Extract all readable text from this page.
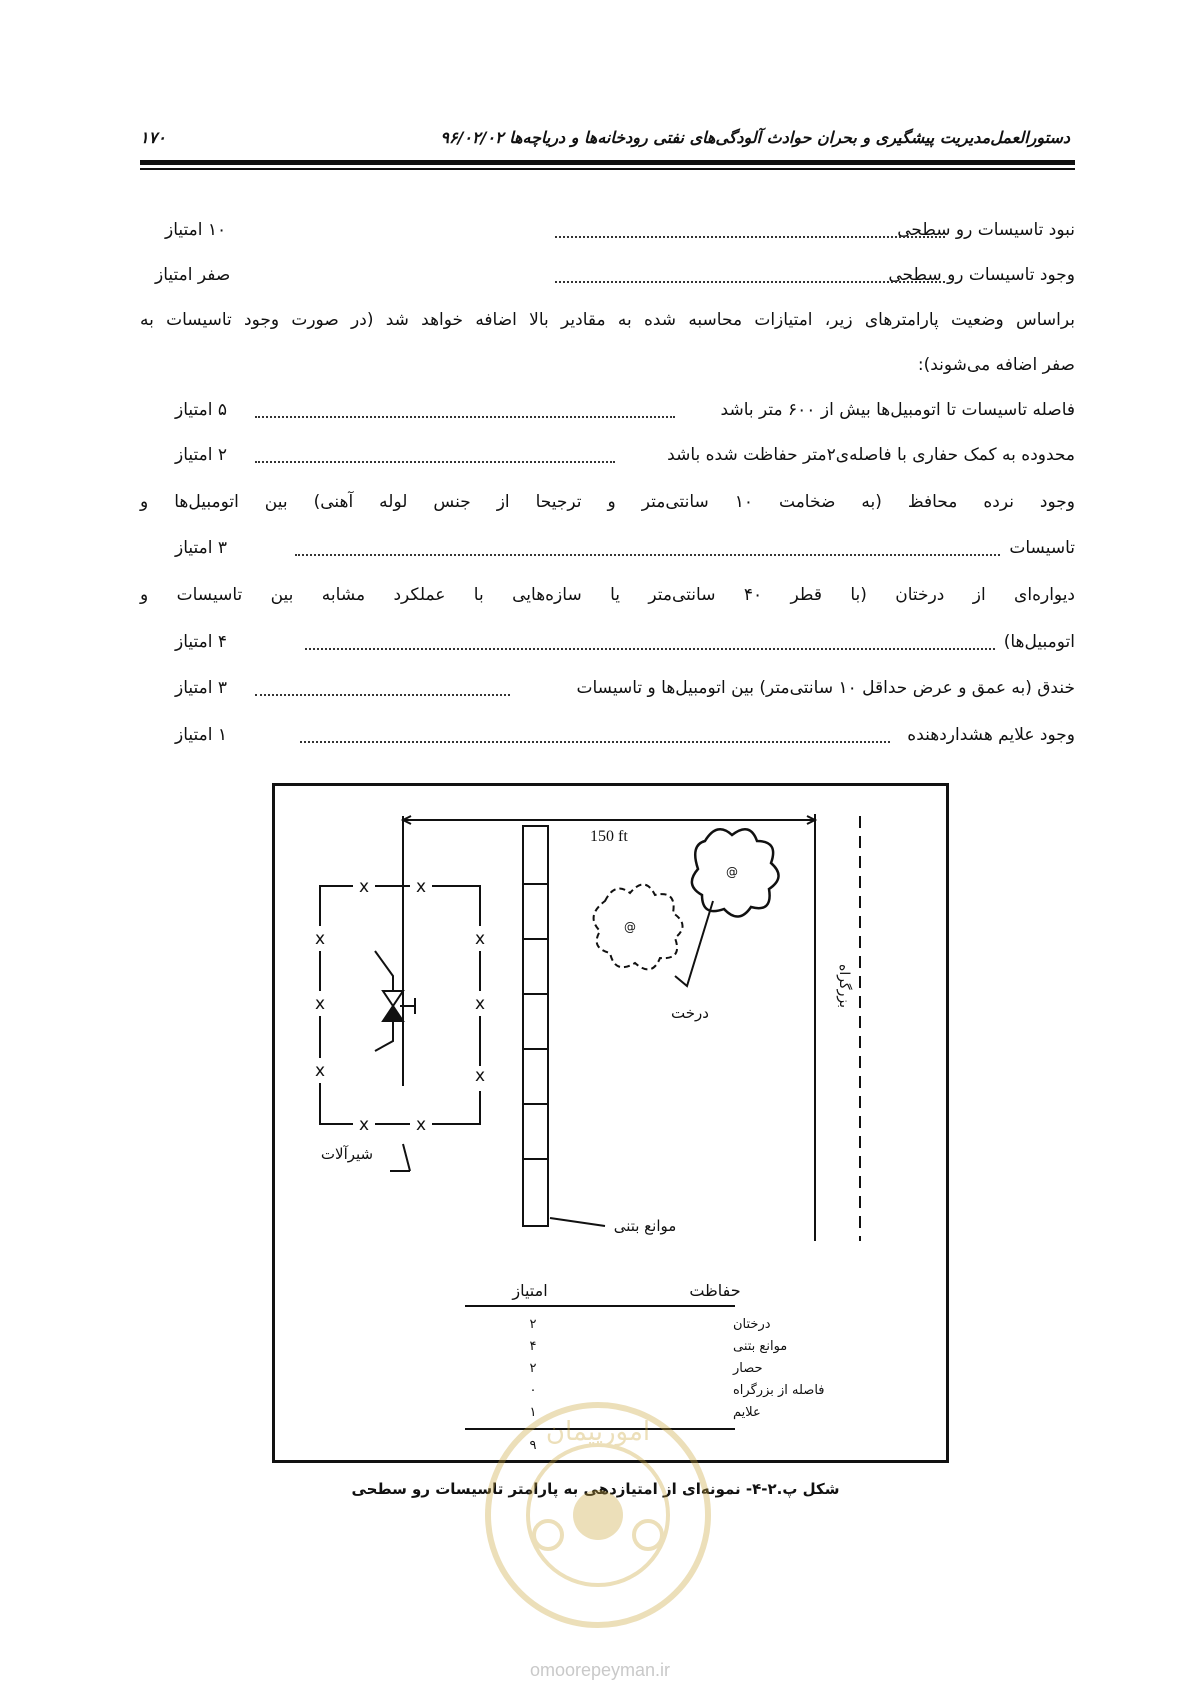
دستورالعمل‌مدیریت پیشگیری و بحران حوادث آلودگی‌های نفتی رودخانه‌ها و دریاچه‌ها ۹۶/۰۲/۰۲
۱۷۰
نبود تاسیسات رو سطحی
۱۰ امتیاز
وجود تاسیسات رو سطحی
صفر امتیاز
براساس وضعیت پارامترهای زیر، امتیازات محاسبه شده به مقادیر بالا اضافه خواهد شد (در صورت وجود تاسیسات به
صفر اضافه می‌شوند):
فاصله تاسیسات تا اتومبیل‌ها بیش از ۶۰۰ متر باشد
۵ امتیاز
محدوده به کمک حفاری با فاصله‌ی۲متر حفاظت شده باشد
۲ امتیاز
وجود نرده محافظ (به ضخامت ۱۰ سانتی‌متر و ترجیحا از جنس لوله آهنی) بین اتومبیل‌ها و
تاسیسات
۳ امتیاز
دیواره‌ای از درختان (با قطر ۴۰ سانتی‌متر یا سازه‌هایی با عملکرد مشابه بین تاسیسات و
اتومبیل‌ها)
۴ امتیاز
خندق (به عمق و عرض حداقل ۱۰ سانتی‌متر) بین اتومبیل‌ها و تاسیسات
۳ امتیاز
وجود علایم هشداردهنده
۱ امتیاز
x
x
x
x
x
x
x	x
x	x
@
@
150 ft
بزرگراه
درخت
شیرآلات
موانع بتنی
حفاظت
امتیاز
درختان
۲
موانع بتنی
۴
حصار
۲
فاصله از بزرگراه
۰
علایم
۱
۹
شکل پ.۲-۴- نمونه‌ای از امتیازدهی به پارامتر تاسیسات رو سطحی
امورپیمان
omoorepeyman.ir
